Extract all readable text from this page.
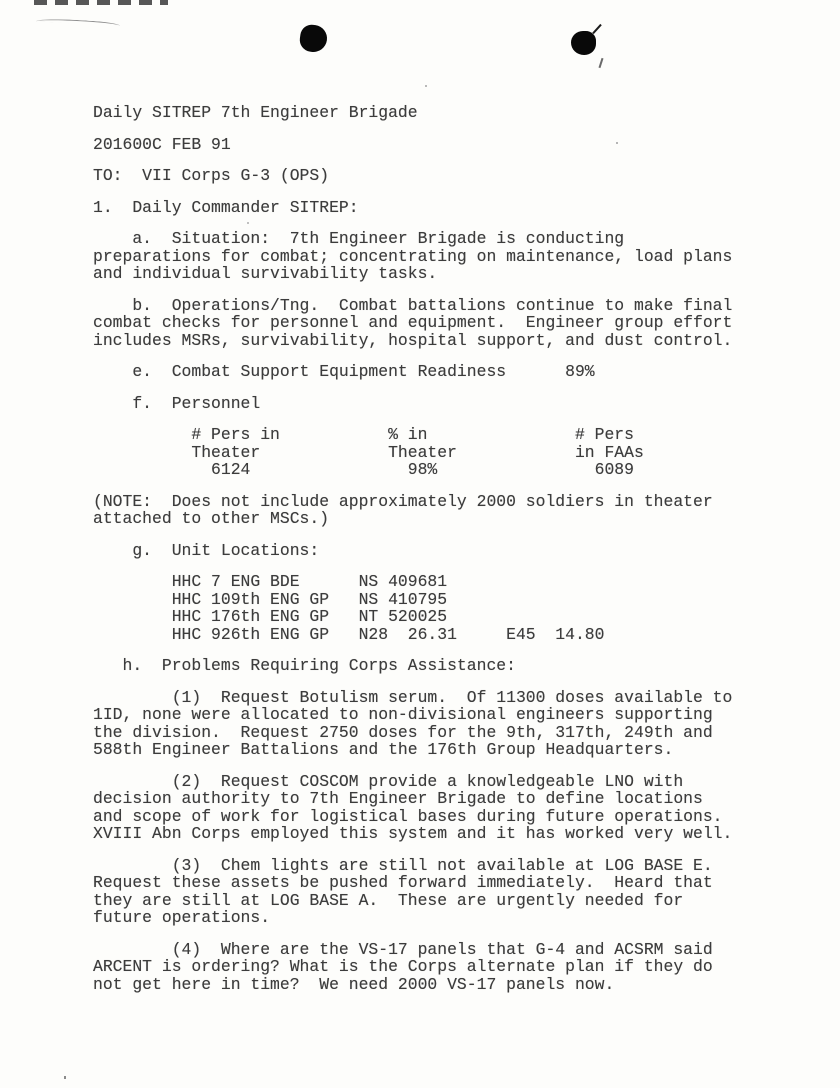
Daily SITREP 7th Engineer Brigade
201600C FEB 91
TO:  VII Corps G-3 (OPS)
1.  Daily Commander SITREP:
a.  Situation:  7th Engineer Brigade is conducting
preparations for combat; concentrating on maintenance, load plans
and individual survivability tasks.
b.  Operations/Tng.  Combat battalions continue to make final
combat checks for personnel and equipment.  Engineer group effort
includes MSRs, survivability, hospital support, and dust control.
e.  Combat Support Equipment Readiness      89%
f.  Personnel
# Pers in           % in               # Pers
Theater             Theater            in FAAs
6124                98%                6089
(NOTE:  Does not include approximately 2000 soldiers in theater
attached to other MSCs.)
g.  Unit Locations:
HHC 7 ENG BDE      NS 409681
HHC 109th ENG GP   NS 410795
HHC 176th ENG GP   NT 520025
HHC 926th ENG GP   N28  26.31     E45  14.80
h.  Problems Requiring Corps Assistance:
(1)  Request Botulism serum.  Of 11300 doses available to
1ID, none were allocated to non-divisional engineers supporting
the division.  Request 2750 doses for the 9th, 317th, 249th and
588th Engineer Battalions and the 176th Group Headquarters.
(2)  Request COSCOM provide a knowledgeable LNO with
decision authority to 7th Engineer Brigade to define locations
and scope of work for logistical bases during future operations.
XVIII Abn Corps employed this system and it has worked very well.
(3)  Chem lights are still not available at LOG BASE E.
Request these assets be pushed forward immediately.  Heard that
they are still at LOG BASE A.  These are urgently needed for
future operations.
(4)  Where are the VS-17 panels that G-4 and ACSRM said
ARCENT is ordering? What is the Corps alternate plan if they do
not get here in time?  We need 2000 VS-17 panels now.
